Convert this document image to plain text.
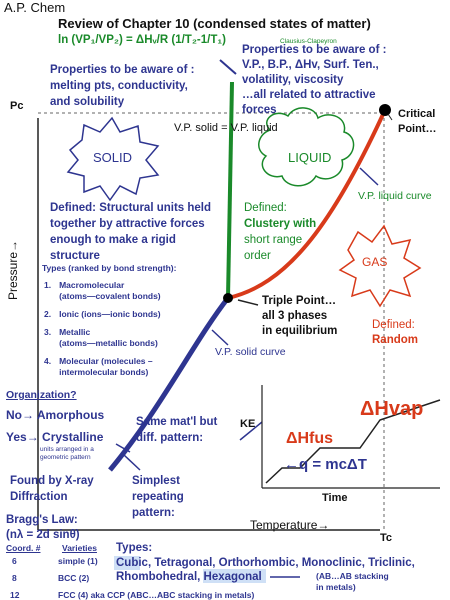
A.P. Chem
Review of Chapter 10 (condensed states of matter)
ln (VP₁/VP₂) = ΔHᵥ/R (1/T₂-1/T₁)	Clausius-Clapeyron
Properties to be aware of :
melting pts, conductivity,
and solubility
Properties to be aware of :
V.P., B.P., ΔHv, Surf. Ten.,
volatility, viscosity
…all related to attractive
forces
Pc
V.P. solid = V.P. liquid
Critical
Point…
SOLID	LIQUID
GAS
V.P. liquid curve
V.P. solid curve
Defined: Structural units held
together by attractive forces
enough to make a rigid
structure
Defined:
Clustery with
short range
order
Defined:
Random
Pressure→	Types (ranked by bond strength):
1. Macromolecular
(atoms—covalent bonds)
2. Ionic (ions—ionic bonds)
3. Metallic
(atoms—metallic bonds)
4. Molecular (molecules –
intermolecular bonds)
Triple Point…
all 3 phases
in equilibrium
Organization?
No→ Amorphous
Yes→ Crystalline
units arranged in a
geometric pattern
Same mat'l but
diff. pattern:
Found by X-ray
Diffraction
Simplest
repeating
pattern:
Bragg's Law:
(nλ = 2d sinθ)
Coord. #	Varieties
6	simple (1)
8	BCC (2)
12	FCC (4) aka CCP (ABC…ABC stacking in metals)
Temperature→
Tc
Types:
Cubic, Tetragonal, Orthorhombic, Monoclinic, Triclinic,
Rhombohedral, Hexagonal	(AB…AB stacking
in metals)
KE
Time
ΔHvap
ΔHfus
←q = mcΔT
